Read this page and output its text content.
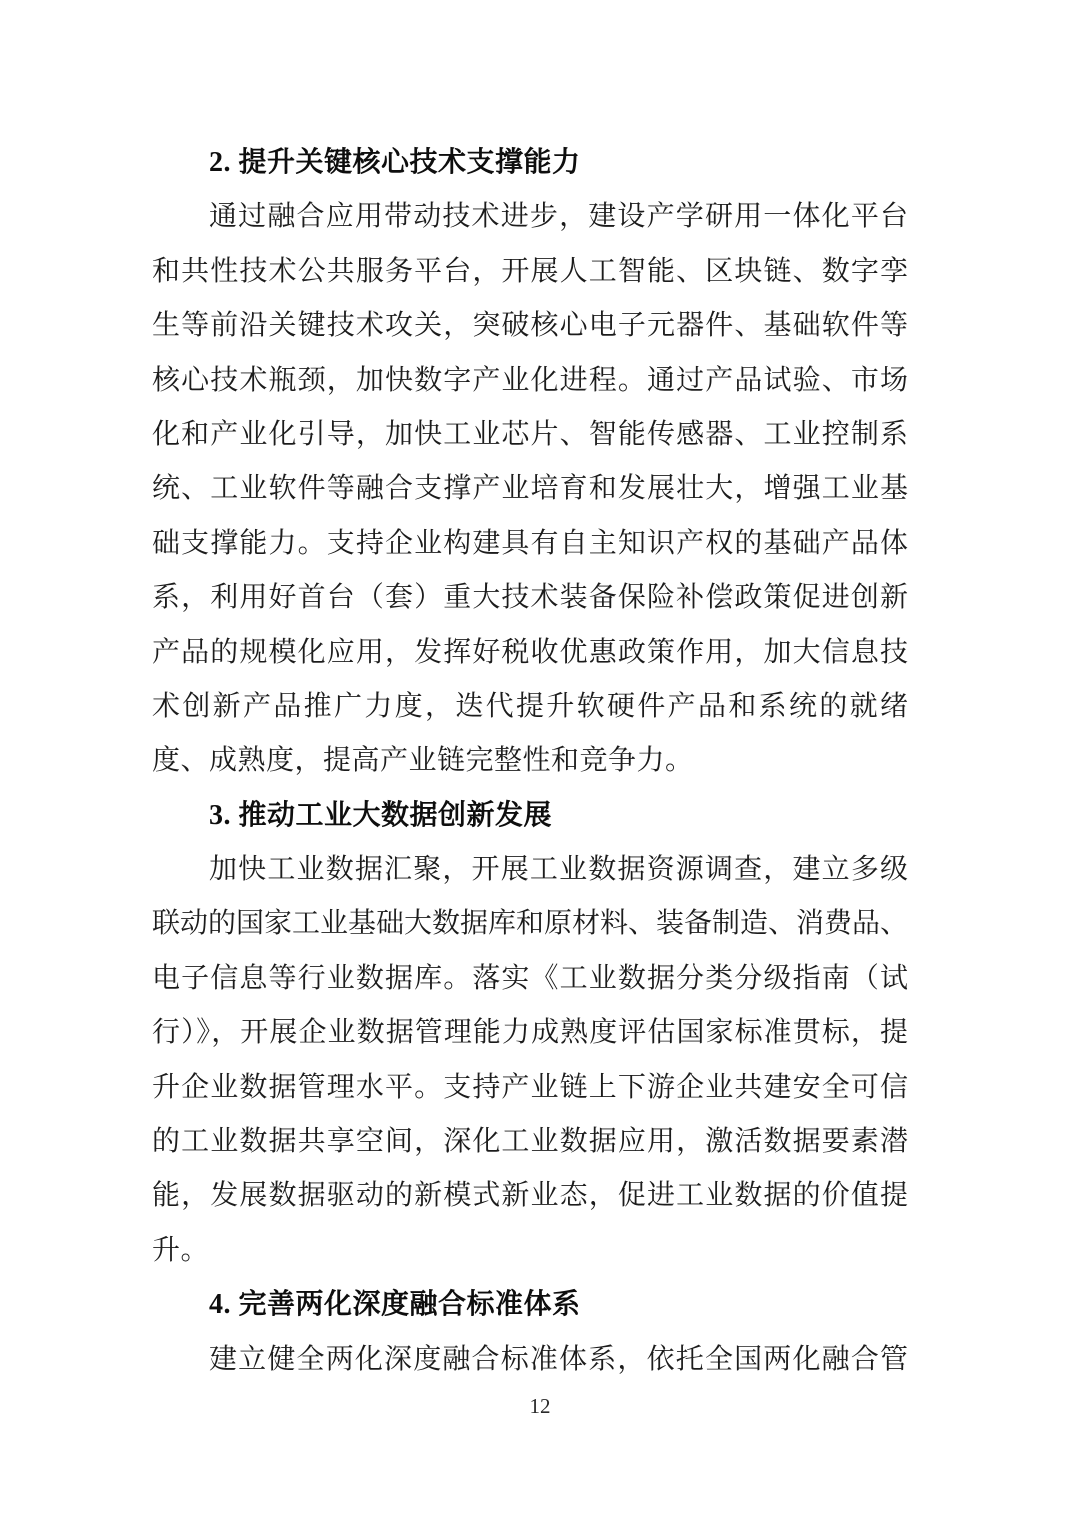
2. 提升关键核心技术支撑能力
通过融合应用带动技术进步，建设产学研用一体化平台
和共性技术公共服务平台，开展人工智能、区块链、数字孪
生等前沿关键技术攻关，突破核心电子元器件、基础软件等
核心技术瓶颈，加快数字产业化进程。通过产品试验、市场
化和产业化引导，加快工业芯片、智能传感器、工业控制系
统、工业软件等融合支撑产业培育和发展壮大，增强工业基
础支撑能力。支持企业构建具有自主知识产权的基础产品体
系，利用好首台（套）重大技术装备保险补偿政策促进创新
产品的规模化应用，发挥好税收优惠政策作用，加大信息技
术创新产品推广力度，迭代提升软硬件产品和系统的就绪
度、成熟度，提高产业链完整性和竞争力。
3. 推动工业大数据创新发展
加快工业数据汇聚，开展工业数据资源调查，建立多级
联动的国家工业基础大数据库和原材料、装备制造、消费品、
电子信息等行业数据库。落实《工业数据分类分级指南（试
行）》，开展企业数据管理能力成熟度评估国家标准贯标，提
升企业数据管理水平。支持产业链上下游企业共建安全可信
的工业数据共享空间，深化工业数据应用，激活数据要素潜
能，发展数据驱动的新模式新业态，促进工业数据的价值提
升。
4. 完善两化深度融合标准体系
建立健全两化深度融合标准体系，依托全国两化融合管
12
